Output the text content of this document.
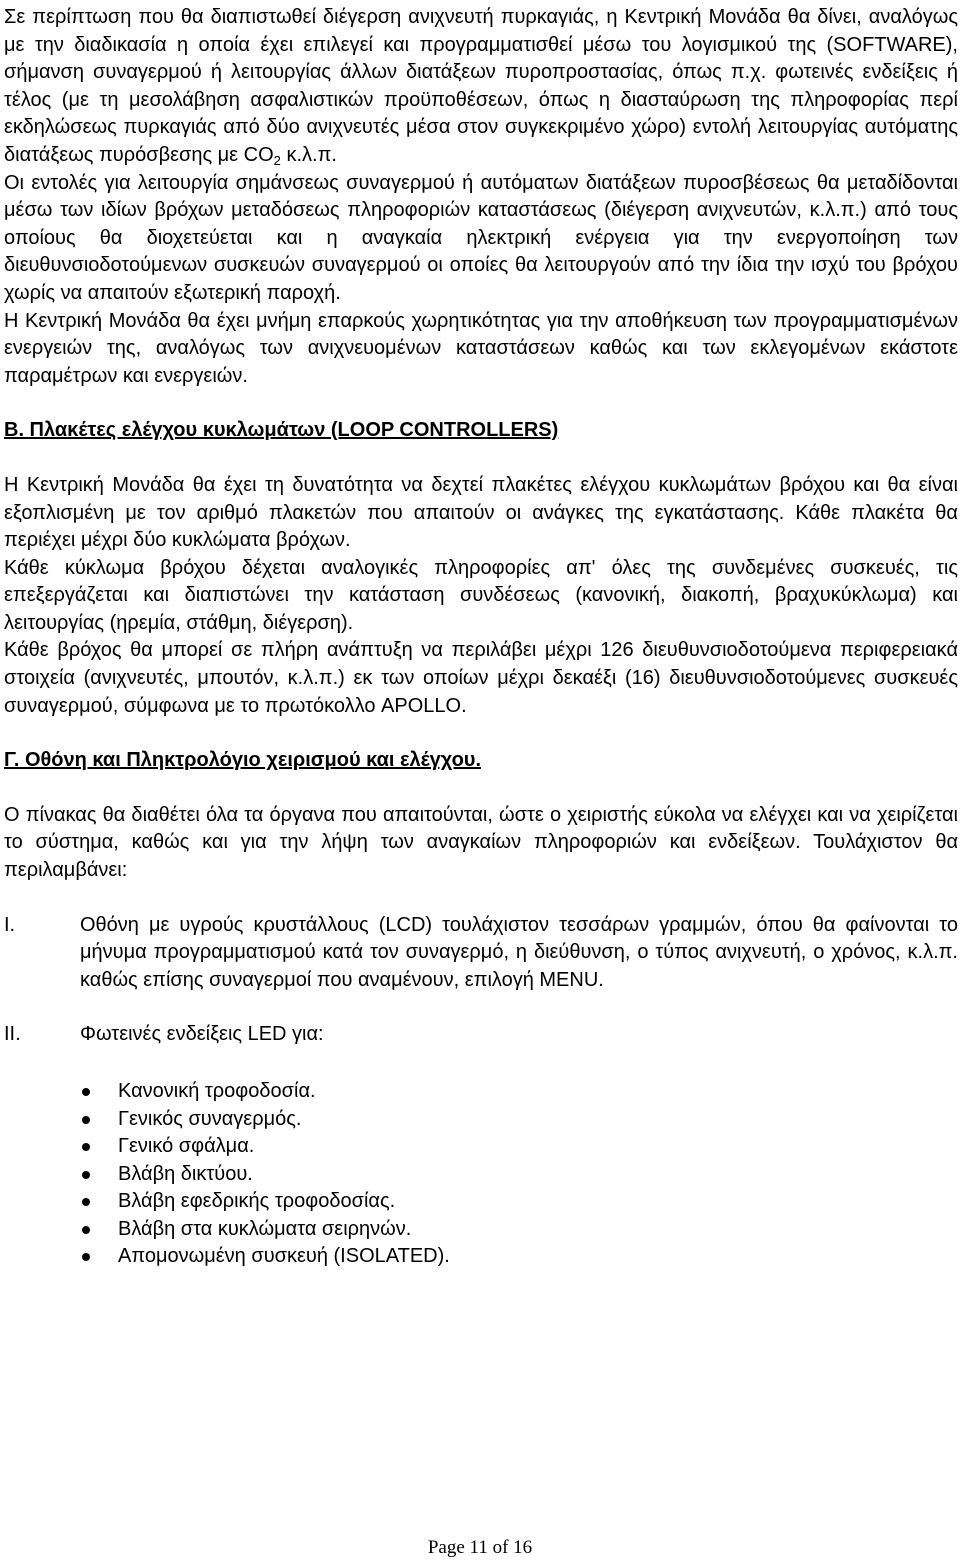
Σε περίπτωση που θα διαπιστωθεί διέγερση ανιχνευτή πυρκαγιάς, η Κεντρική Μονάδα θα δίνει, αναλόγως με την διαδικασία η οποία έχει επιλεγεί και προγραμματισθεί μέσω του λογισμικού της (SOFTWARE), σήμανση συναγερμού ή λειτουργίας άλλων διατάξεων πυροπροστασίας, όπως π.χ. φωτεινές ενδείξεις ή τέλος (με τη μεσολάβηση ασφαλιστικών προϋποθέσεων, όπως η διασταύρωση της πληροφορίας περί εκδηλώσεως πυρκαγιάς από δύο ανιχνευτές μέσα στον συγκεκριμένο χώρο) εντολή λειτουργίας αυτόματης διατάξεως πυρόσβεσης με $CO_2$ κ.λ.π.

Οι εντολές για λειτουργία σημάνσεως συναγερμού ή αυτόματων διατάξεων πυροσβέσεως θα μεταδίδονται μέσω των ιδίων βρόχων μεταδόσεως πληροφοριών καταστάσεως (διέγερση ανιχνευτών, κ.λ.π.) από τους οποίους θα διοχετεύεται και η αναγκαία ηλεκτρική ενέργεια για την ενεργοποίηση των διευθυνσιοδοτούμενων συσκευών συναγερμού οι οποίες θα λειτουργούν από την ίδια την ισχύ του βρόχου χωρίς να απαιτούν εξωτερική παροχή.

Η Κεντρική Μονάδα θα έχει μνήμη επαρκούς χωρητικότητας για την αποθήκευση των προγραμματισμένων ενεργειών της, αναλόγως των ανιχνευομένων καταστάσεων καθώς και των εκλεγομένων εκάστοτε παραμέτρων και ενεργειών.

Β. Πλακέτες ελέγχου κυκλωμάτων (LOOP CONTROLLERS)

Η Κεντρική Μονάδα θα έχει τη δυνατότητα να δεχτεί πλακέτες ελέγχου κυκλωμάτων βρόχου και θα είναι εξοπλισμένη με τον αριθμό πλακετών που απαιτούν οι ανάγκες της εγκατάστασης. Κάθε πλακέτα θα περιέχει μέχρι δύο κυκλώματα βρόχων.

Κάθε κύκλωμα βρόχου δέχεται αναλογικές πληροφορίες απ' όλες της συνδεμένες συσκευές, τις επεξεργάζεται και διαπιστώνει την κατάσταση συνδέσεως (κανονική, διακοπή, βραχυκύκλωμα) και λειτουργίας (ηρεμία, στάθμη, διέγερση).

Κάθε βρόχος θα μπορεί σε πλήρη ανάπτυξη να περιλάβει μέχρι 126 διευθυνσιοδοτούμενα περιφερειακά στοιχεία (ανιχνευτές, μπουτόν, κ.λ.π.) εκ των οποίων μέχρι δεκαέξι (16) διευθυνσιοδοτούμενες συσκευές συναγερμού, σύμφωνα με το πρωτόκολλο APOLLO.

Γ. Οθόνη και Πληκτρολόγιο χειρισμού και ελέγχου.

Ο πίνακας θα διαθέτει όλα τα όργανα που απαιτούνται, ώστε ο χειριστής εύκολα να ελέγχει και να χειρίζεται το σύστημα, καθώς και για την λήψη των αναγκαίων πληροφοριών και ενδείξεων. Τουλάχιστον θα περιλαμβάνει:

I.	Οθόνη με υγρούς κρυστάλλους (LCD) τουλάχιστον τεσσάρων γραμμών, όπου θα φαίνονται το μήνυμα προγραμματισμού κατά τον συναγερμό, η διεύθυνση, ο τύπος ανιχνευτή, ο χρόνος, κ.λ.π. καθώς επίσης συναγερμοί που αναμένουν, επιλογή MENU.
II.	Φωτεινές ενδείξεις LED για:
Κανονική τροφοδοσία.
Γενικός συναγερμός.
Γενικό σφάλμα.
Βλάβη δικτύου.
Βλάβη εφεδρικής τροφοδοσίας.
Βλάβη στα κυκλώματα σειρηνών.
Απομονωμένη συσκευή (ISOLATED).
Page 11 of 16
